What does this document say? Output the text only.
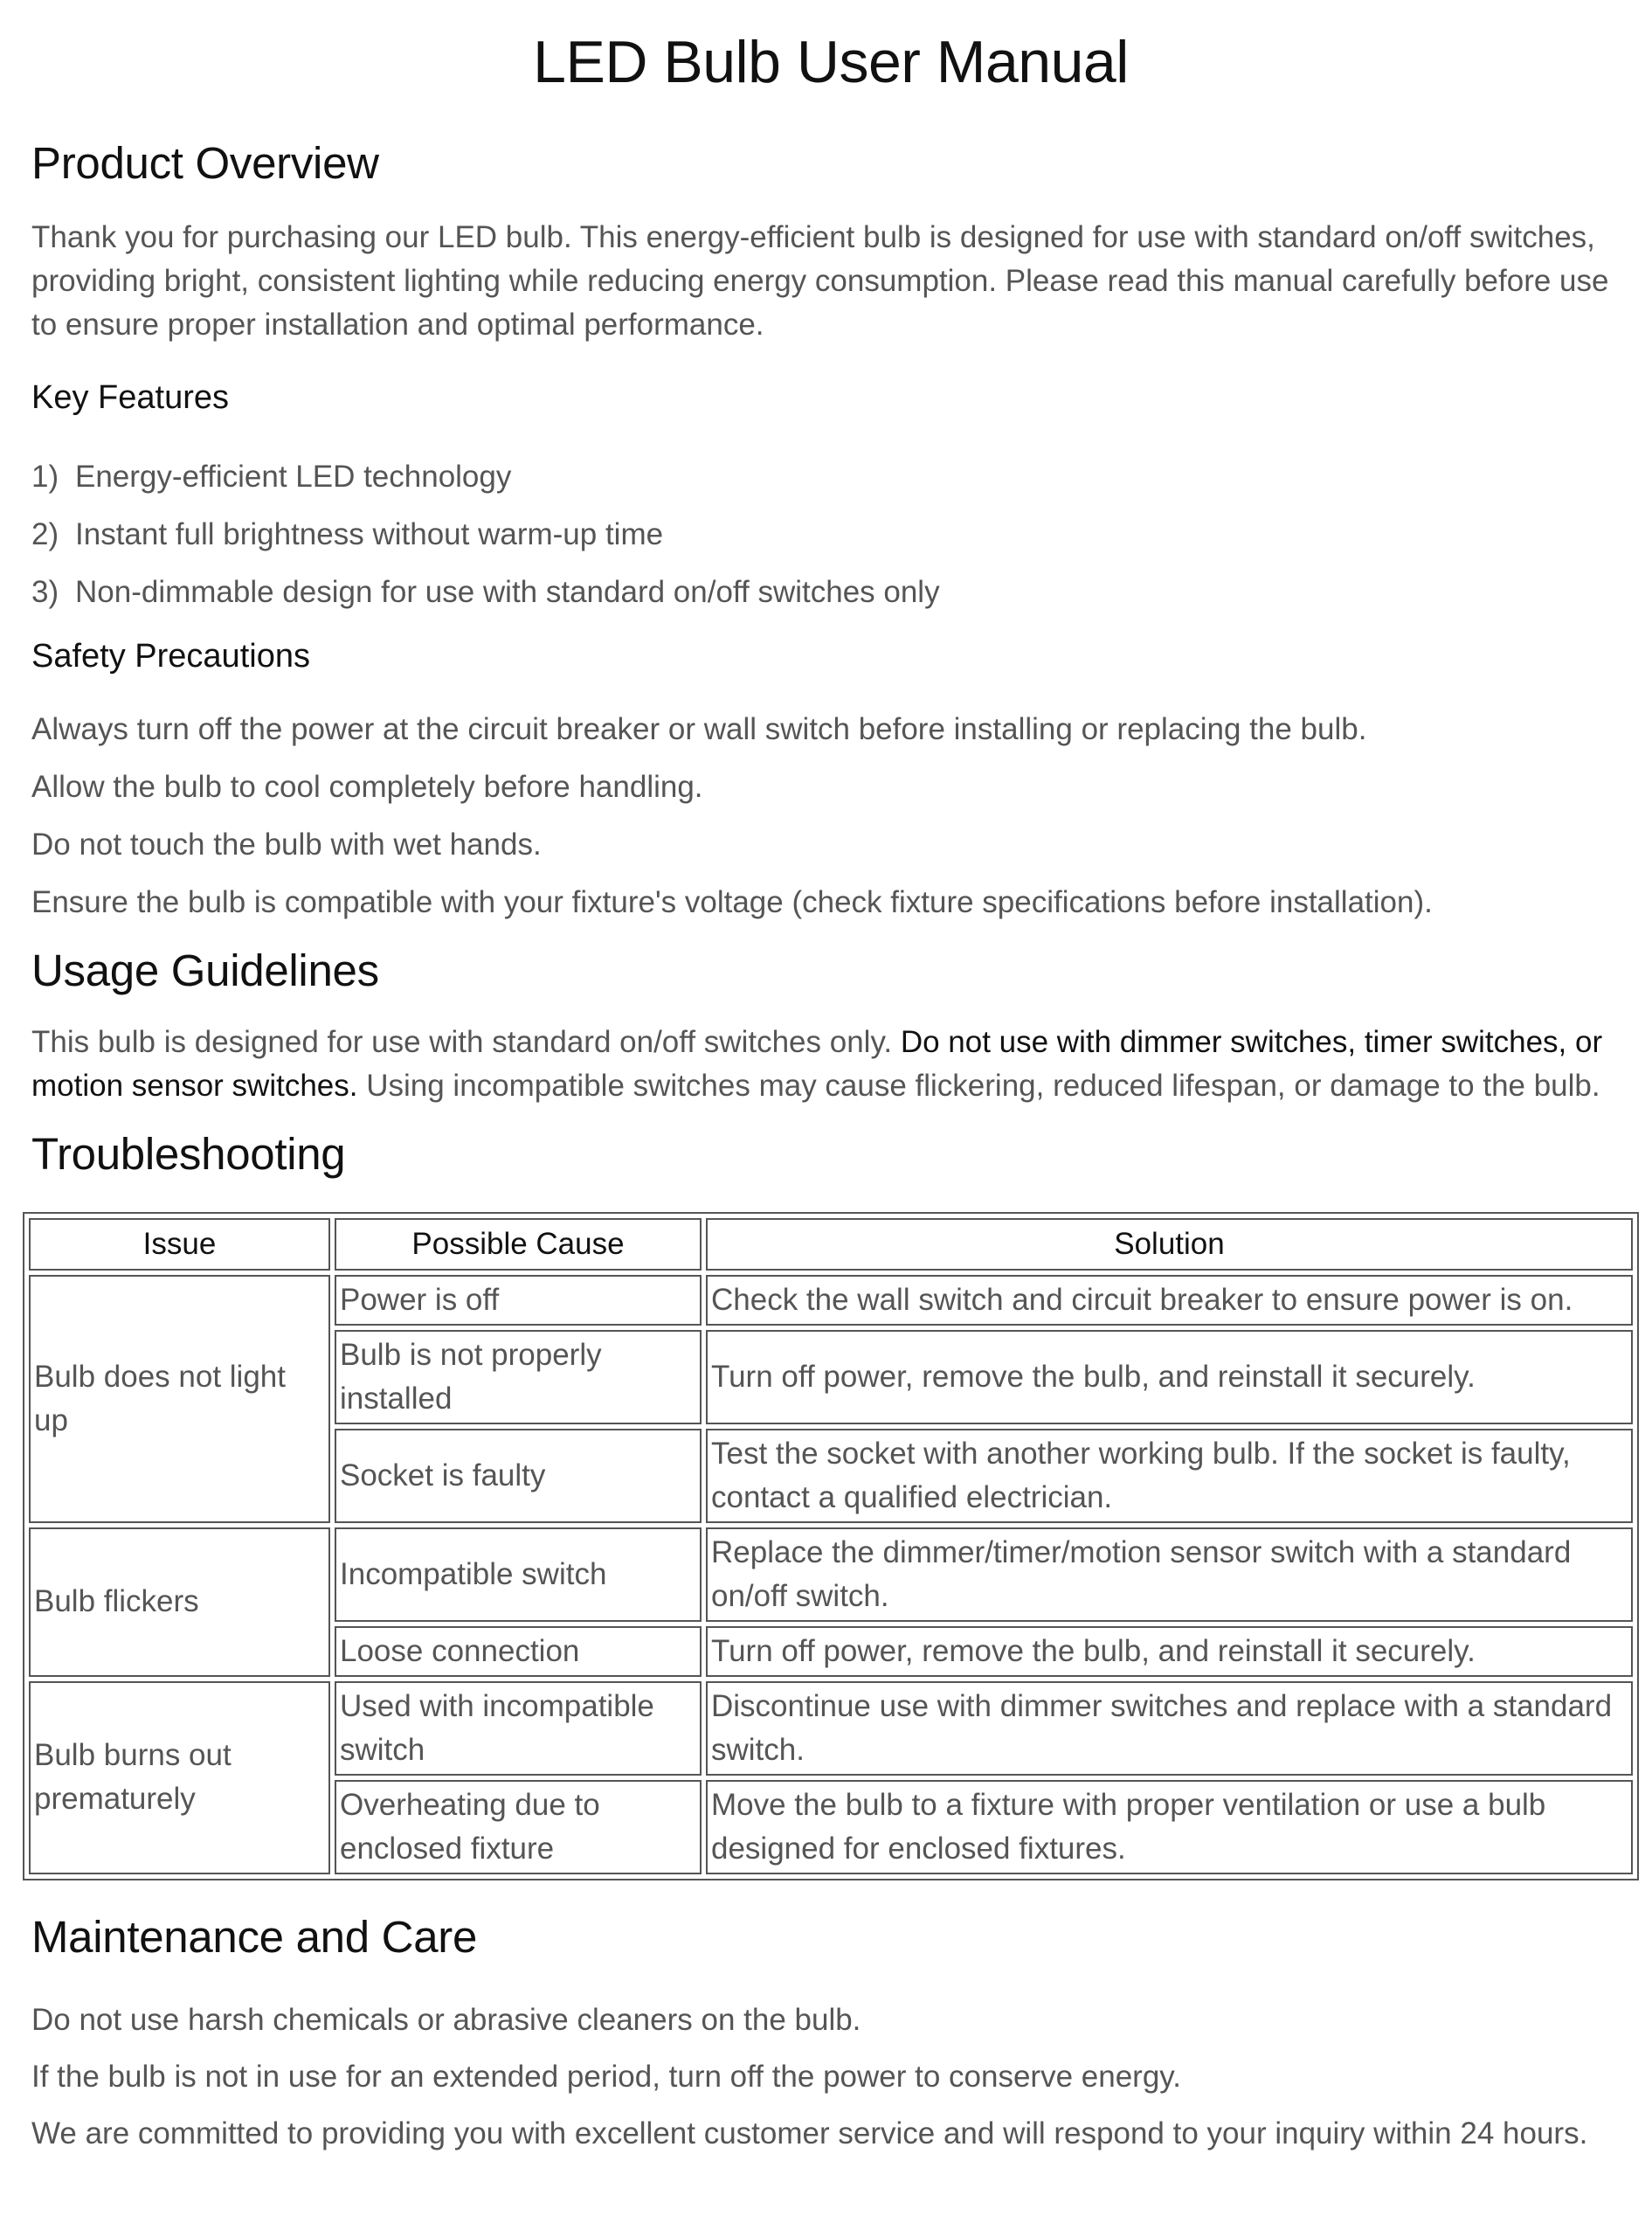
LED Bulb User Manual
Product Overview

Thank you for purchasing our LED bulb. This energy-efficient bulb is designed for use with standard on/off switches, providing bright, consistent lighting while reducing energy consumption. Please read this manual carefully before use to ensure proper installation and optimal performance.

Key Features
1) Energy-efficient LED technology
2) Instant full brightness without warm-up time
3) Non-dimmable design for use with standard on/off switches only
Safety Precautions
Always turn off the power at the circuit breaker or wall switch before installing or replacing the bulb.
Allow the bulb to cool completely before handling.
Do not touch the bulb with wet hands.
Ensure the bulb is compatible with your fixture's voltage (check fixture specifications before installation).
Usage Guidelines

This bulb is designed for use with standard on/off switches only. Do not use with dimmer switches, timer switches, or motion sensor switches. Using incompatible switches may cause flickering, reduced lifespan, or damage to the bulb.

Troubleshooting
Issue	Possible Cause	Solution
Bulb does not light up	Power is off	Check the wall switch and circuit breaker to ensure power is on.
	Bulb is not properly installed	Turn off power, remove the bulb, and reinstall it securely.
	Socket is faulty	Test the socket with another working bulb. If the socket is faulty, contact a qualified electrician.
Bulb flickers	Incompatible switch	Replace the dimmer/timer/motion sensor switch with a standard on/off switch.
	Loose connection	Turn off power, remove the bulb, and reinstall it securely.
Bulb burns out prematurely	Used with incompatible switch	Discontinue use with dimmer switches and replace with a standard switch.
	Overheating due to enclosed fixture	Move the bulb to a fixture with proper ventilation or use a bulb designed for enclosed fixtures.
Maintenance and Care
Do not use harsh chemicals or abrasive cleaners on the bulb.
If the bulb is not in use for an extended period, turn off the power to conserve energy.
We are committed to providing you with excellent customer service and will respond to your inquiry within 24 hours.
